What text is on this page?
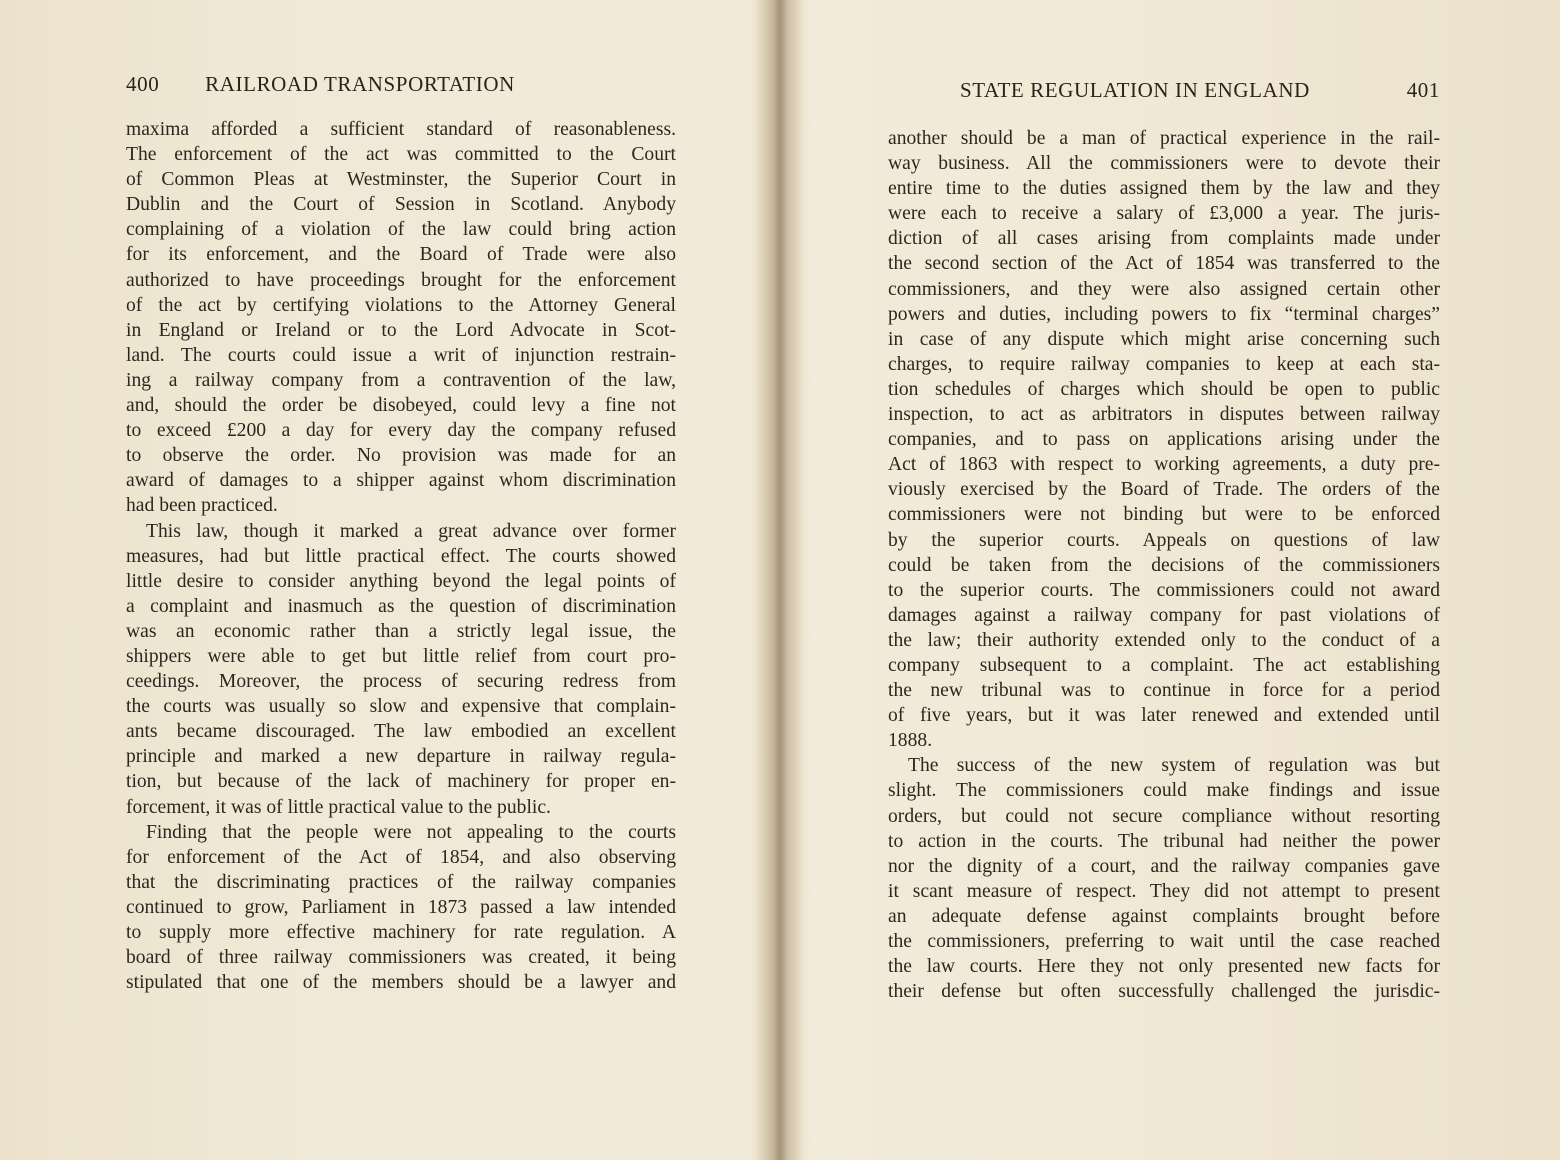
400 RAILROAD TRANSPORTATION

maxima afforded a sufficient standard of reasonableness.

The enforcement of the act was committed to the Court

of Common Pleas at Westminster, the Superior Court in

Dublin and the Court of Session in Scotland. Anybody

complaining of a violation of the law could bring action

for its enforcement, and the Board of Trade were also

authorized to have proceedings brought for the enforcement

of the act by certifying violations to the Attorney General

in England or Ireland or to the Lord Advocate in Scot-

land. The courts could issue a writ of injunction restrain-

ing a railway company from a contravention of the law,

and, should the order be disobeyed, could levy a fine not

to exceed £200 a day for every day the company refused

to observe the order. No provision was made for an

award of damages to a shipper against whom discrimination

had been practiced.

This law, though it marked a great advance over former

measures, had but little practical effect. The courts showed

little desire to consider anything beyond the legal points of

a complaint and inasmuch as the question of discrimination

was an economic rather than a strictly legal issue, the

shippers were able to get but little relief from court pro-

ceedings. Moreover, the process of securing redress from

the courts was usually so slow and expensive that complain-

ants became discouraged. The law embodied an excellent

principle and marked a new departure in railway regula-

tion, but because of the lack of machinery for proper en-

forcement, it was of little practical value to the public.

Finding that the people were not appealing to the courts

for enforcement of the Act of 1854, and also observing

that the discriminating practices of the railway companies

continued to grow, Parliament in 1873 passed a law intended

to supply more effective machinery for rate regulation. A

board of three railway commissioners was created, it being

stipulated that one of the members should be a lawyer and

STATE REGULATION IN ENGLAND	401

another should be a man of practical experience in the rail-

way business. All the commissioners were to devote their

entire time to the duties assigned them by the law and they

were each to receive a salary of £3,000 a year. The juris-

diction of all cases arising from complaints made under

the second section of the Act of 1854 was transferred to the

commissioners, and they were also assigned certain other

powers and duties, including powers to fix “terminal charges”

in case of any dispute which might arise concerning such

charges, to require railway companies to keep at each sta-

tion schedules of charges which should be open to public

inspection, to act as arbitrators in disputes between railway

companies, and to pass on applications arising under the

Act of 1863 with respect to working agreements, a duty pre-

viously exercised by the Board of Trade. The orders of the

commissioners were not binding but were to be enforced

by the superior courts. Appeals on questions of law

could be taken from the decisions of the commissioners

to the superior courts. The commissioners could not award

damages against a railway company for past violations of

the law; their authority extended only to the conduct of a

company subsequent to a complaint. The act establishing

the new tribunal was to continue in force for a period

of five years, but it was later renewed and extended until

1888.

The success of the new system of regulation was but

slight. The commissioners could make findings and issue

orders, but could not secure compliance without resorting

to action in the courts. The tribunal had neither the power

nor the dignity of a court, and the railway companies gave

it scant measure of respect. They did not attempt to present

an adequate defense against complaints brought before

the commissioners, preferring to wait until the case reached

the law courts. Here they not only presented new facts for

their defense but often successfully challenged the jurisdic-
